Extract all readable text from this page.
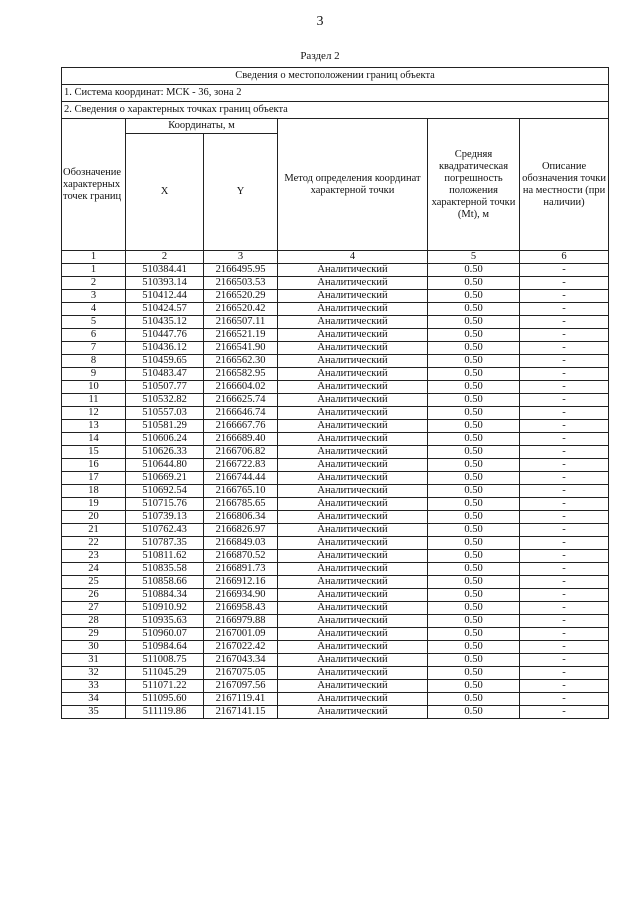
3
Раздел 2
Сведения о местоположении границ объекта					
1. Система координат: МСК - 36, зона 2					
2. Сведения о характерных точках границ объекта					
Обозначение характерных точек границ	Координаты, м		Метод определения координат характерной точки	Средняя квадратическая погрешность положения характерной точки (Mt), м	Описание обозначения точки на местности (при наличии)
	X	Y			
1	2	3	4	5	6
1	510384.41	2166495.95	Аналитический	0.50	-
2	510393.14	2166503.53	Аналитический	0.50	-
3	510412.44	2166520.29	Аналитический	0.50	-
4	510424.57	2166520.42	Аналитический	0.50	-
5	510435.12	2166507.11	Аналитический	0.50	-
6	510447.76	2166521.19	Аналитический	0.50	-
7	510436.12	2166541.90	Аналитический	0.50	-
8	510459.65	2166562.30	Аналитический	0.50	-
9	510483.47	2166582.95	Аналитический	0.50	-
10	510507.77	2166604.02	Аналитический	0.50	-
11	510532.82	2166625.74	Аналитический	0.50	-
12	510557.03	2166646.74	Аналитический	0.50	-
13	510581.29	2166667.76	Аналитический	0.50	-
14	510606.24	2166689.40	Аналитический	0.50	-
15	510626.33	2166706.82	Аналитический	0.50	-
16	510644.80	2166722.83	Аналитический	0.50	-
17	510669.21	2166744.44	Аналитический	0.50	-
18	510692.54	2166765.10	Аналитический	0.50	-
19	510715.76	2166785.65	Аналитический	0.50	-
20	510739.13	2166806.34	Аналитический	0.50	-
21	510762.43	2166826.97	Аналитический	0.50	-
22	510787.35	2166849.03	Аналитический	0.50	-
23	510811.62	2166870.52	Аналитический	0.50	-
24	510835.58	2166891.73	Аналитический	0.50	-
25	510858.66	2166912.16	Аналитический	0.50	-
26	510884.34	2166934.90	Аналитический	0.50	-
27	510910.92	2166958.43	Аналитический	0.50	-
28	510935.63	2166979.88	Аналитический	0.50	-
29	510960.07	2167001.09	Аналитический	0.50	-
30	510984.64	2167022.42	Аналитический	0.50	-
31	511008.75	2167043.34	Аналитический	0.50	-
32	511045.29	2167075.05	Аналитический	0.50	-
33	511071.22	2167097.56	Аналитический	0.50	-
34	511095.60	2167119.41	Аналитический	0.50	-
35	511119.86	2167141.15	Аналитический	0.50	-
